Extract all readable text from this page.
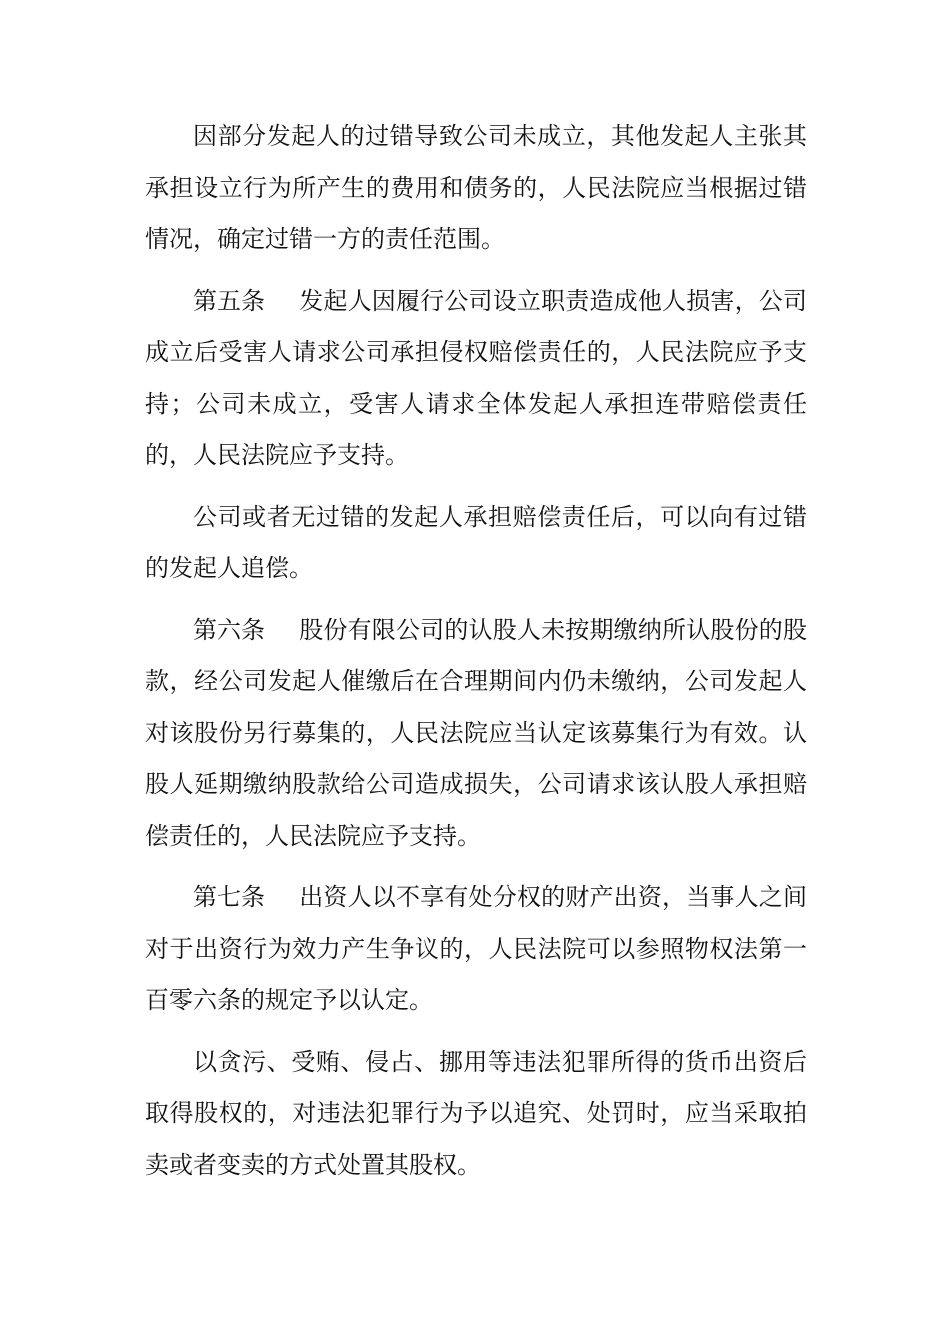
因部分发起人的过错导致公司未成立，其他发起人主张其承担设立行为所产生的费用和债务的，人民法院应当根据过错情况，确定过错一方的责任范围。

第五条 发起人因履行公司设立职责造成他人损害，公司成立后受害人请求公司承担侵权赔偿责任的，人民法院应予支持；公司未成立，受害人请求全体发起人承担连带赔偿责任的，人民法院应予支持。

公司或者无过错的发起人承担赔偿责任后，可以向有过错的发起人追偿。

第六条 股份有限公司的认股人未按期缴纳所认股份的股款，经公司发起人催缴后在合理期间内仍未缴纳，公司发起人对该股份另行募集的，人民法院应当认定该募集行为有效。认股人延期缴纳股款给公司造成损失，公司请求该认股人承担赔偿责任的，人民法院应予支持。

第七条 出资人以不享有处分权的财产出资，当事人之间对于出资行为效力产生争议的，人民法院可以参照物权法第一百零六条的规定予以认定。

以贪污、受贿、侵占、挪用等违法犯罪所得的货币出资后取得股权的，对违法犯罪行为予以追究、处罚时，应当采取拍卖或者变卖的方式处置其股权。
